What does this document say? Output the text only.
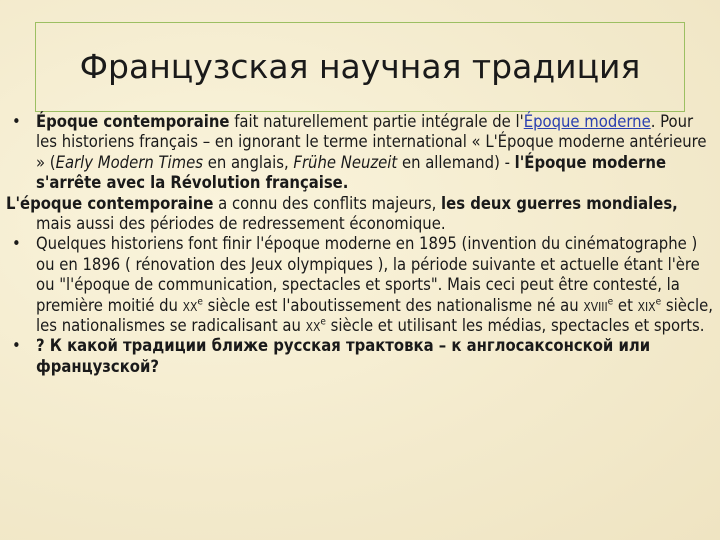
Французская научная традиция

• Époque contemporaine fait naturellement partie intégrale de l'Époque moderne. Pour les historiens français – en ignorant le terme international « L'Époque moderne antérieure » (Early Modern Times en anglais, Frühe Neuzeit en allemand) - l'Époque moderne s'arrête avec la Révolution française.

L'époque contemporaine a connu des conflits majeurs, les deux guerres mondiales, mais aussi des périodes de redressement économique.

• Quelques historiens font finir l'époque moderne en 1895 (invention du cinématographe ) ou en 1896 ( rénovation des Jeux olympiques ), la période suivante et actuelle étant l'ère ou "l'époque de communication, spectacles et sports". Mais ceci peut être contesté, la première moitié du $xx^e$ siècle est l'aboutissement des nationalisme né au xviii$^e$ et xix$^e$ siècle, les nationalismes se radicalisant au $xx^e$ siècle et utilisant les médias, spectacles et sports.

• ? К какой традиции ближе русская трактовка – к англосаксонской или французской?
